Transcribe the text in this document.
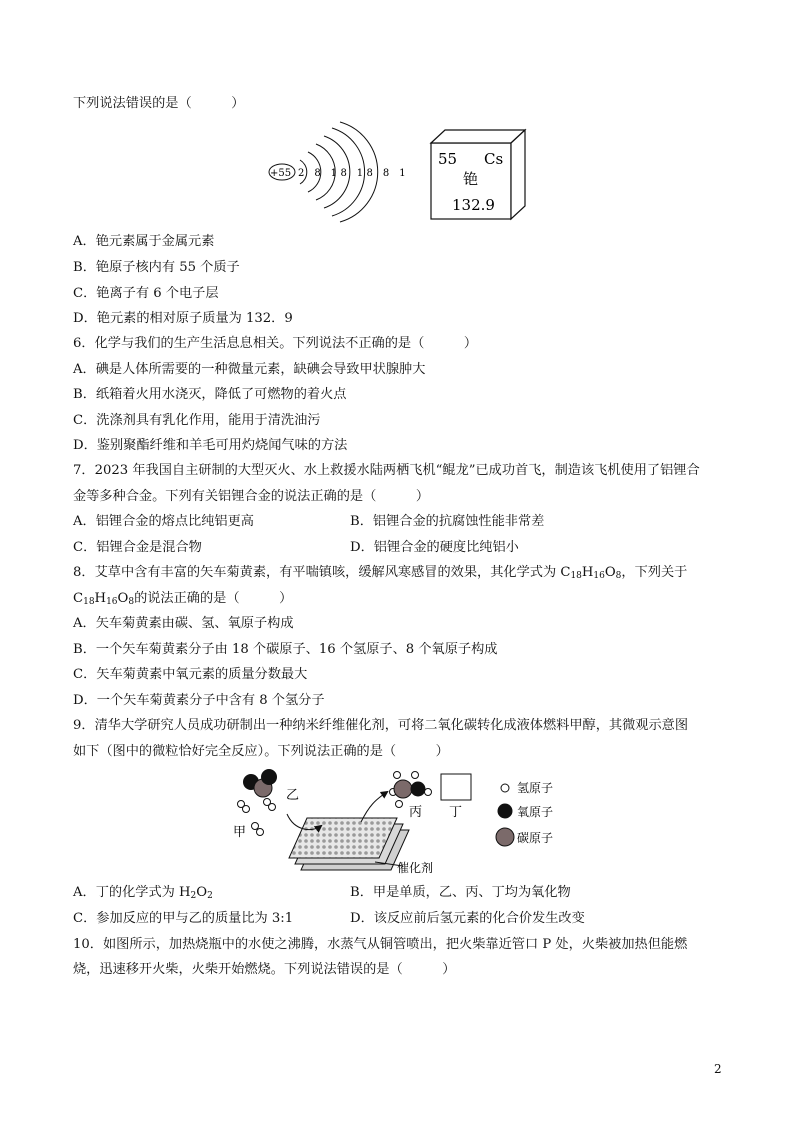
下列说法错误的是（　　　）
+55 2 8 18 18 8 1
55 Cs
铯
132.9
A．铯元素属于金属元素
B．铯原子核内有 55 个质子
C．铯离子有 6 个电子层
D．铯元素的相对原子质量为 132．9
6．化学与我们的生产生活息息相关。下列说法不正确的是（　　　）
A．碘是人体所需要的一种微量元素，缺碘会导致甲状腺肿大
B．纸箱着火用水浇灭，降低了可燃物的着火点
C．洗涤剂具有乳化作用，能用于清洗油污
D．鉴别聚酯纤维和羊毛可用灼烧闻气味的方法
7．2023 年我国自主研制的大型灭火、水上救援水陆两栖飞机“鲲龙”已成功首飞，制造该飞机使用了铝锂合
金等多种合金。下列有关铝锂合金的说法正确的是（　　　）
A．铝锂合金的熔点比纯铝更高	B．铝锂合金的抗腐蚀性能非常差
C．铝锂合金是混合物	D．铝锂合金的硬度比纯铝小
8．艾草中含有丰富的矢车菊黄素，有平喘镇咳，缓解风寒感冒的效果，其化学式为 $C_{18}H_{16}O_8$，下列关于
$C_{18}H_{16}O_8$的说法正确的是（　　　）
A．矢车菊黄素由碳、氢、氧原子构成
B．一个矢车菊黄素分子由 18 个碳原子、16 个氢原子、8 个氧原子构成
C．矢车菊黄素中氧元素的质量分数最大
D．一个矢车菊黄素分子中含有 8 个氢分子
9．清华大学研究人员成功研制出一种纳米纤维催化剂，可将二氧化碳转化成液体燃料甲醇，其微观示意图
如下（图中的微粒恰好完全反应）。下列说法正确的是（　　　）
催化剂
乙
甲
丙 丁
氢原子
氧原子
碳原子
A．丁的化学式为 $H_2O_2$	B．甲是单质，乙、丙、丁均为氧化物
C．参加反应的甲与乙的质量比为 3:1	D．该反应前后氢元素的化合价发生改变
10．如图所示，加热烧瓶中的水使之沸腾，水蒸气从铜管喷出，把火柴靠近管口 P 处，火柴被加热但能燃
烧，迅速移开火柴，火柴开始燃烧。下列说法错误的是（　　　）
2
